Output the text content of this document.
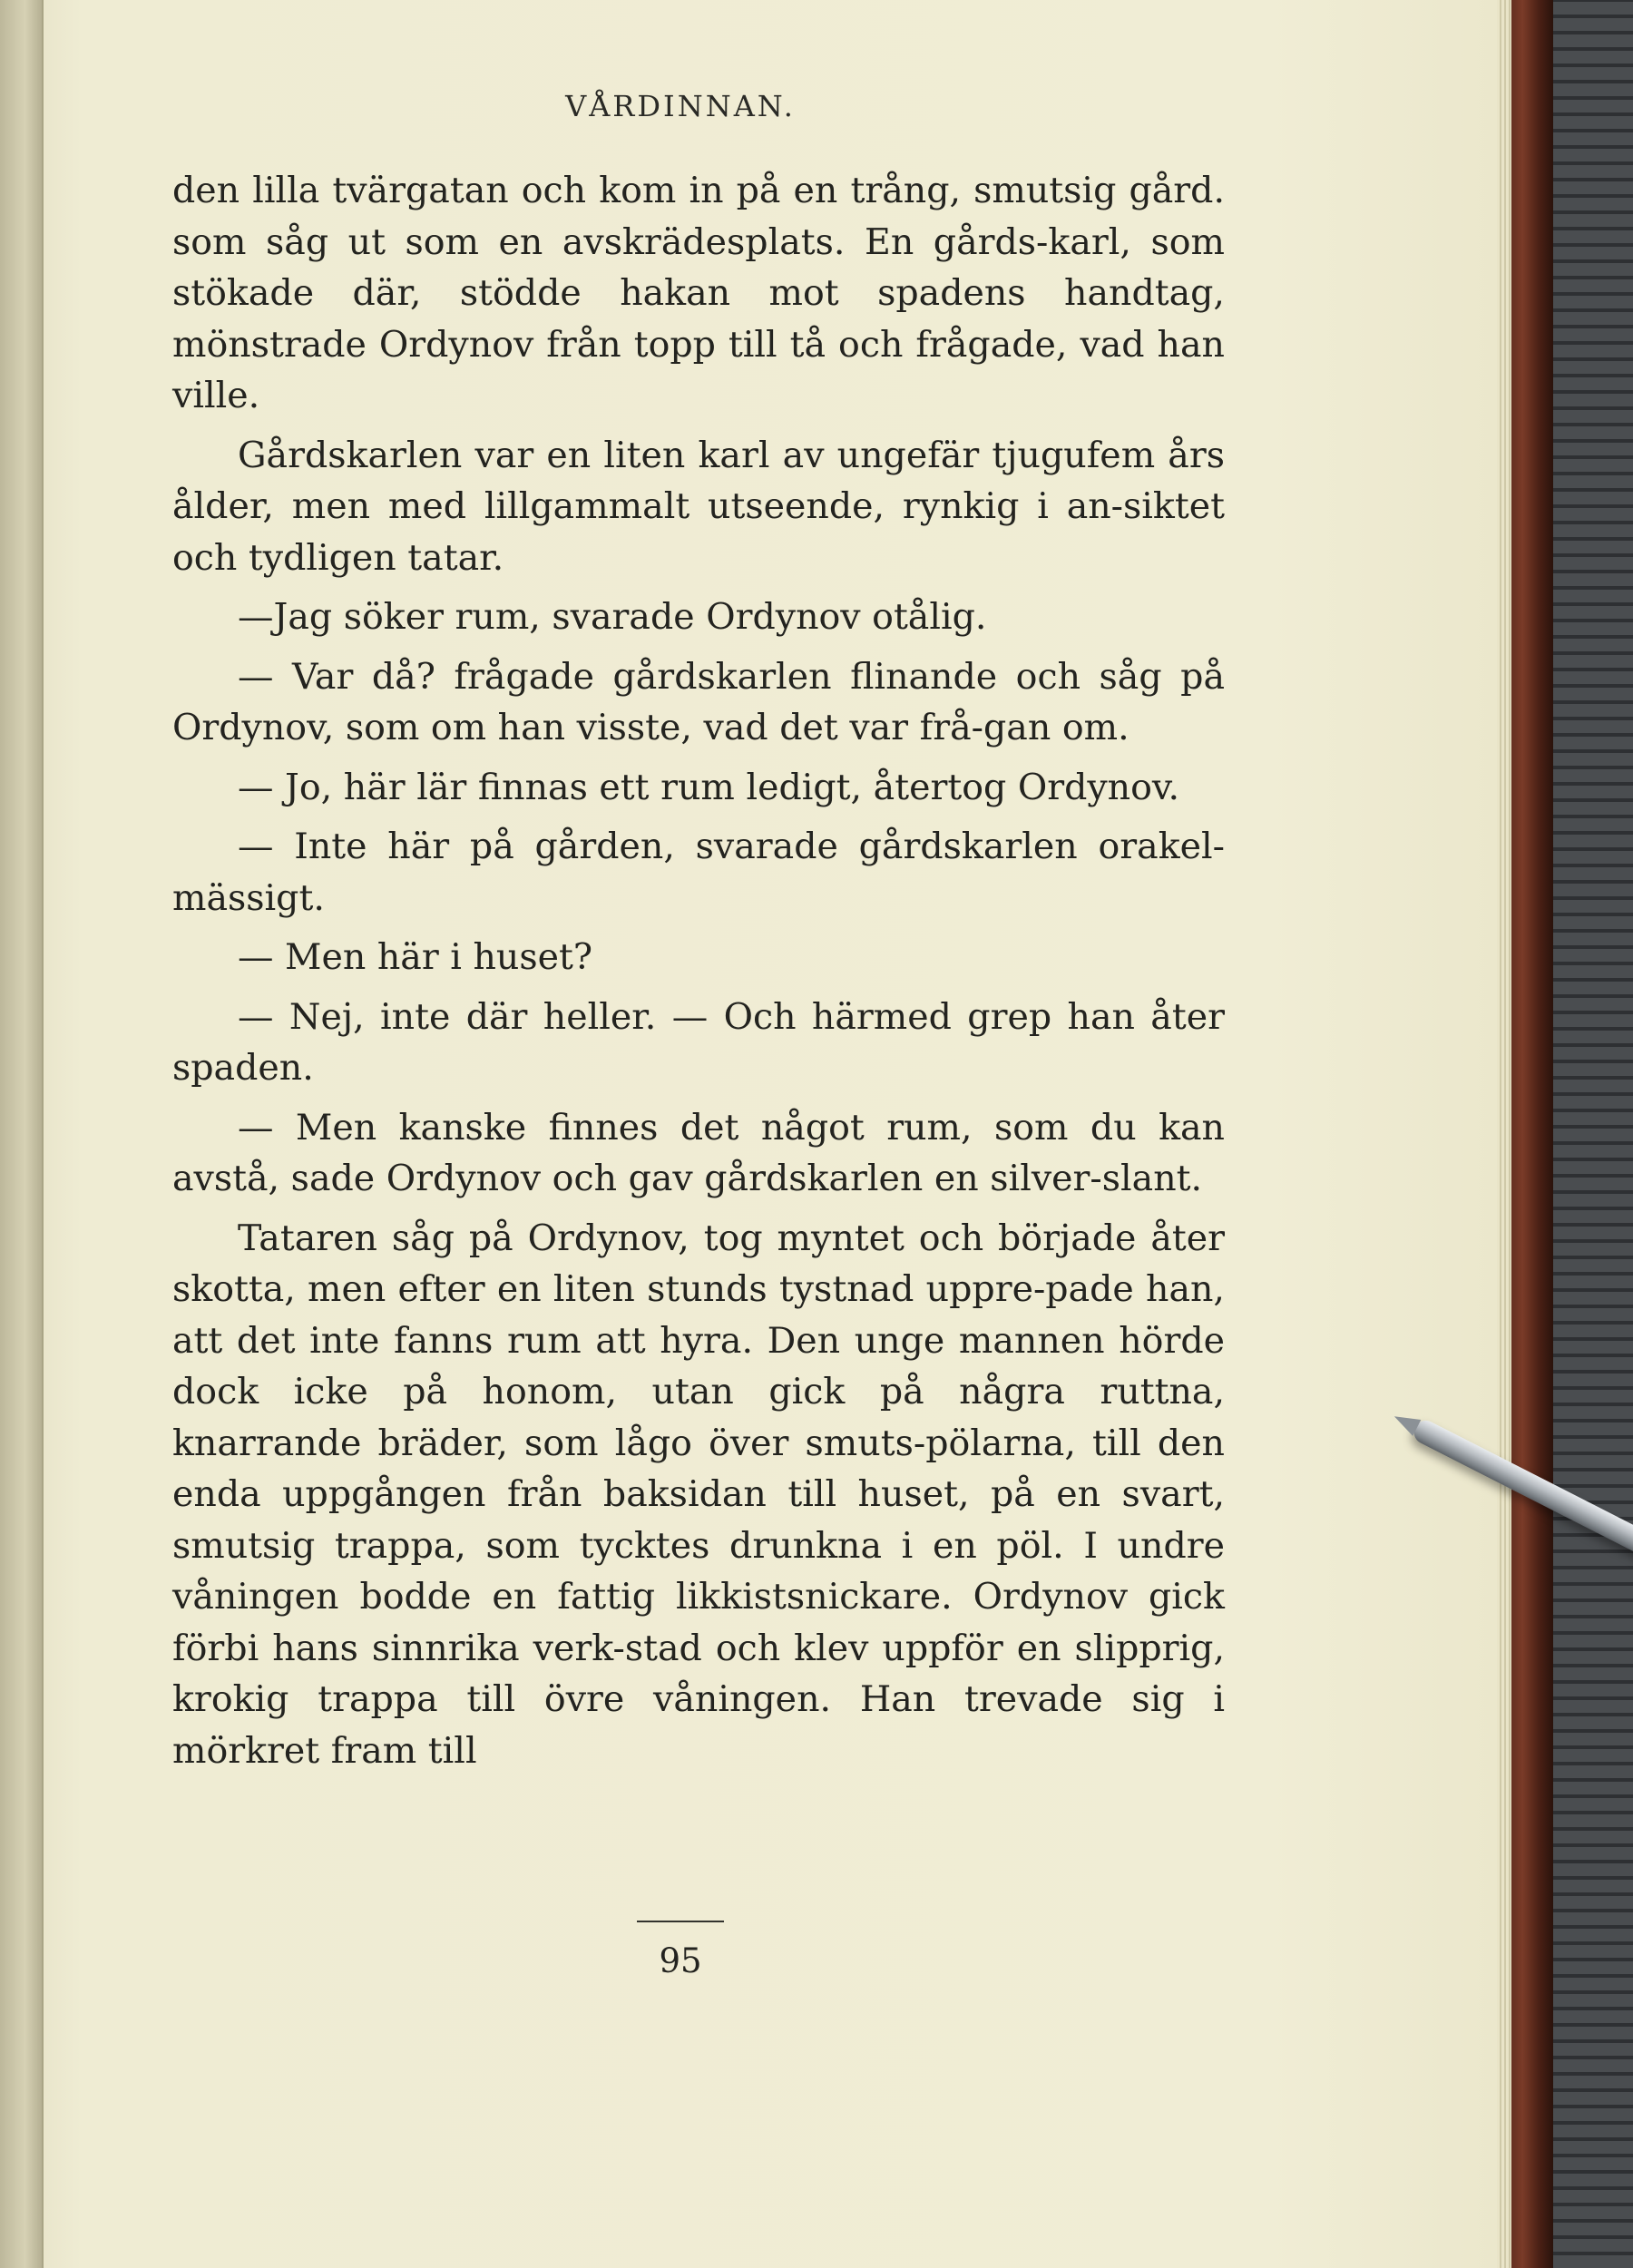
VÅRDINNAN.

den lilla tvärgatan och kom in på en trång, smutsig gård. som såg ut som en avskrädesplats. En gårds-karl, som stökade där, stödde hakan mot spadens handtag, mönstrade Ordynov från topp till tå och frågade, vad han ville.

Gårdskarlen var en liten karl av ungefär tjugufem års ålder, men med lillgammalt utseende, rynkig i an-siktet och tydligen tatar.

—Jag söker rum, svarade Ordynov otålig.

— Var då? frågade gårdskarlen flinande och såg på Ordynov, som om han visste, vad det var frå-gan om.

— Jo, här lär finnas ett rum ledigt, återtog Ordynov.

— Inte här på gården, svarade gårdskarlen orakel-mässigt.

— Men här i huset?

— Nej, inte där heller. — Och härmed grep han åter spaden.

— Men kanske finnes det något rum, som du kan avstå, sade Ordynov och gav gårdskarlen en silver-slant.

Tataren såg på Ordynov, tog myntet och började åter skotta, men efter en liten stunds tystnad uppre-pade han, att det inte fanns rum att hyra. Den unge mannen hörde dock icke på honom, utan gick på några ruttna, knarrande bräder, som lågo över smuts-pölarna, till den enda uppgången från baksidan till huset, på en svart, smutsig trappa, som tycktes drunkna i en pöl. I undre våningen bodde en fattig likkistsnickare. Ordynov gick förbi hans sinnrika verk-stad och klev uppför en slipprig, krokig trappa till övre våningen. Han trevade sig i mörkret fram till

95
